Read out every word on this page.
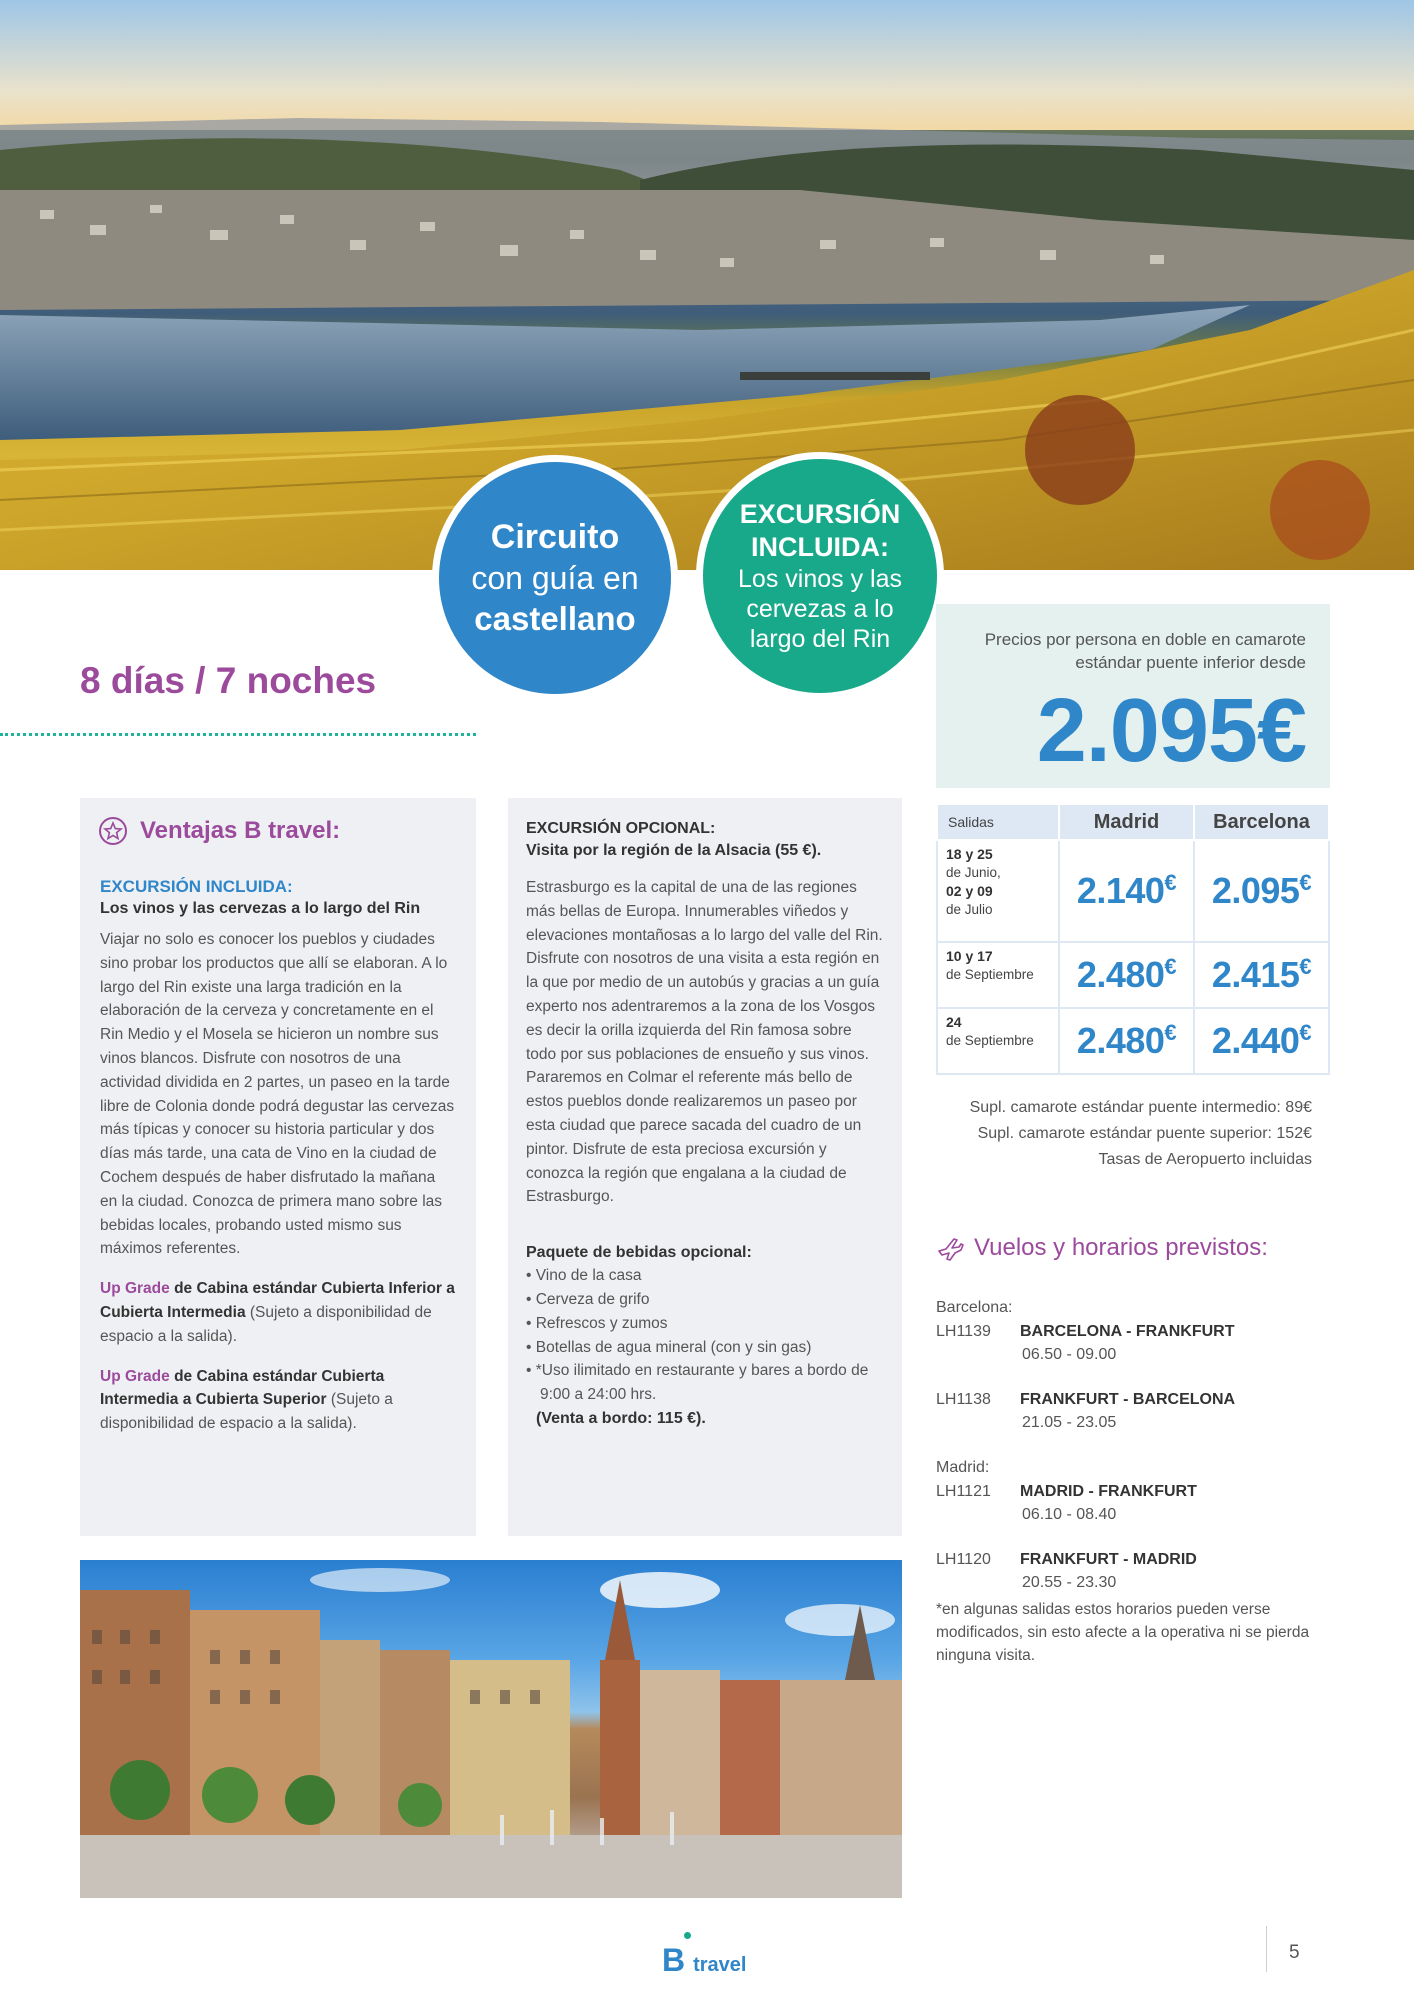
Circuito
con guía en
castellano
EXCURSIÓN
INCLUIDA:
Los vinos y las cervezas a lo largo del Rin
8 días / 7 noches
Precios por persona en doble en camarote estándar puente inferior desde
2.095€
Ventajas B travel:
EXCURSIÓN INCLUIDA:
Los vinos y las cervezas a lo largo del Rin
Viajar no solo es conocer los pueblos y ciudades sino probar los productos que allí se elaboran. A lo largo del Rin existe una larga tradición en la elaboración de la cerveza y concretamente en el Rin Medio y el Mosela se hicieron un nombre sus vinos blancos. Disfrute con nosotros de una actividad dividida en 2 partes, un paseo en la tarde libre de Colonia donde podrá degustar las cervezas más típicas y conocer su historia particular y dos días más tarde, una cata de Vino en la ciudad de Cochem después de haber disfrutado la mañana en la ciudad. Conozca de primera mano sobre las bebidas locales, probando usted mismo sus máximos referentes.
Up Grade de Cabina estándar Cubierta Inferior a Cubierta Intermedia (Sujeto a disponibilidad de espacio a la salida).
Up Grade de Cabina estándar Cubierta Intermedia a Cubierta Superior (Sujeto a disponibilidad de espacio a la salida).
EXCURSIÓN OPCIONAL:
Visita por la región de la Alsacia (55 €).
Estrasburgo es la capital de una de las regiones más bellas de Europa. Innumerables viñedos y elevaciones montañosas a lo largo del valle del Rin. Disfrute con nosotros de una visita a esta región en la que por medio de un autobús y gracias a un guía experto nos adentraremos a la zona de los Vosgos es decir la orilla izquierda del Rin famosa sobre todo por sus poblaciones de ensueño y sus vinos. Pararemos en Colmar el referente más bello de estos pueblos donde realizaremos un paseo por esta ciudad que parece sacada del cuadro de un pintor. Disfrute de esta preciosa excursión y conozca la región que engalana a la ciudad de Estrasburgo.
Paquete de bebidas opcional:
• Vino de la casa
• Cerveza de grifo
• Refrescos y zumos
• Botellas de agua mineral (con y sin gas)
• *Uso ilimitado en restaurante y bares a bordo de 9:00 a 24:00 hrs.
(Venta a bordo: 115 €).
Salidas	Madrid	Barcelona
18 y 25
de Junio,
02 y 09
de Julio	2.140€	2.095€
10 y 17
de Septiembre	2.480€	2.415€
24
de Septiembre	2.480€	2.440€
Supl. camarote estándar puente intermedio: 89€
Supl. camarote estándar puente superior: 152€
Tasas de Aeropuerto incluidas
Vuelos y horarios previstos:
Barcelona:
LH1139	BARCELONA - FRANKFURT
06.50 - 09.00
LH1138	FRANKFURT - BARCELONA
21.05 - 23.05
Madrid:
LH1121	MADRID - FRANKFURT
06.10 - 08.40
LH1120	FRANKFURT - MADRID
20.55 - 23.30
*en algunas salidas estos horarios pueden verse modificados, sin esto afecte a la operativa ni se pierda ninguna visita.
B travel
5
